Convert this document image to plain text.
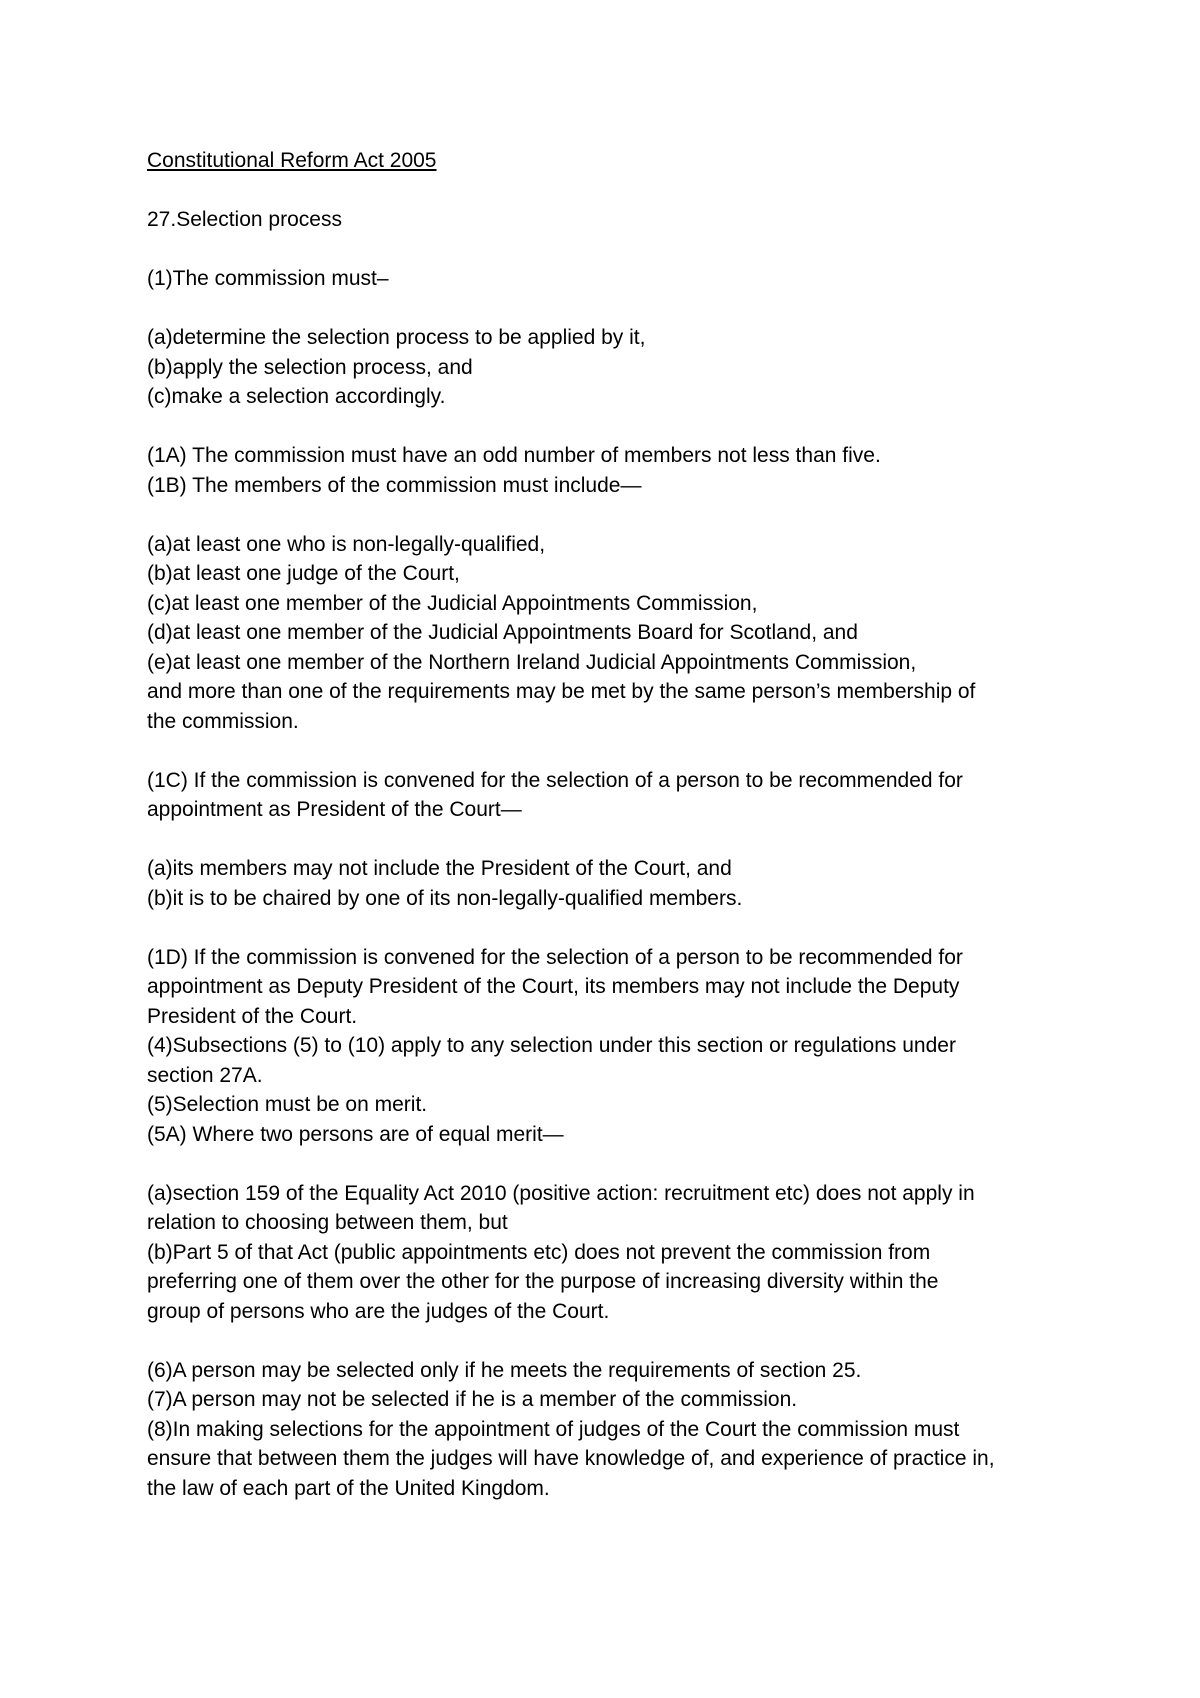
Constitutional Reform Act 2005
27.Selection process
(1)The commission must–
(a)determine the selection process to be applied by it,
(b)apply the selection process, and
(c)make a selection accordingly.
(1A) The commission must have an odd number of members not less than five.
(1B) The members of the commission must include—
(a)at least one who is non-legally-qualified,
(b)at least one judge of the Court,
(c)at least one member of the Judicial Appointments Commission,
(d)at least one member of the Judicial Appointments Board for Scotland, and
(e)at least one member of the Northern Ireland Judicial Appointments Commission,
and more than one of the requirements may be met by the same person’s membership of
the commission.
(1C) If the commission is convened for the selection of a person to be recommended for
appointment as President of the Court—
(a)its members may not include the President of the Court, and
(b)it is to be chaired by one of its non-legally-qualified members.
(1D) If the commission is convened for the selection of a person to be recommended for
appointment as Deputy President of the Court, its members may not include the Deputy
President of the Court.
(4)Subsections (5) to (10) apply to any selection under this section or regulations under
section 27A.
(5)Selection must be on merit.
(5A) Where two persons are of equal merit—
(a)section 159 of the Equality Act 2010 (positive action: recruitment etc) does not apply in
relation to choosing between them, but
(b)Part 5 of that Act (public appointments etc) does not prevent the commission from
preferring one of them over the other for the purpose of increasing diversity within the
group of persons who are the judges of the Court.
(6)A person may be selected only if he meets the requirements of section 25.
(7)A person may not be selected if he is a member of the commission.
(8)In making selections for the appointment of judges of the Court the commission must
ensure that between them the judges will have knowledge of, and experience of practice in,
the law of each part of the United Kingdom.
